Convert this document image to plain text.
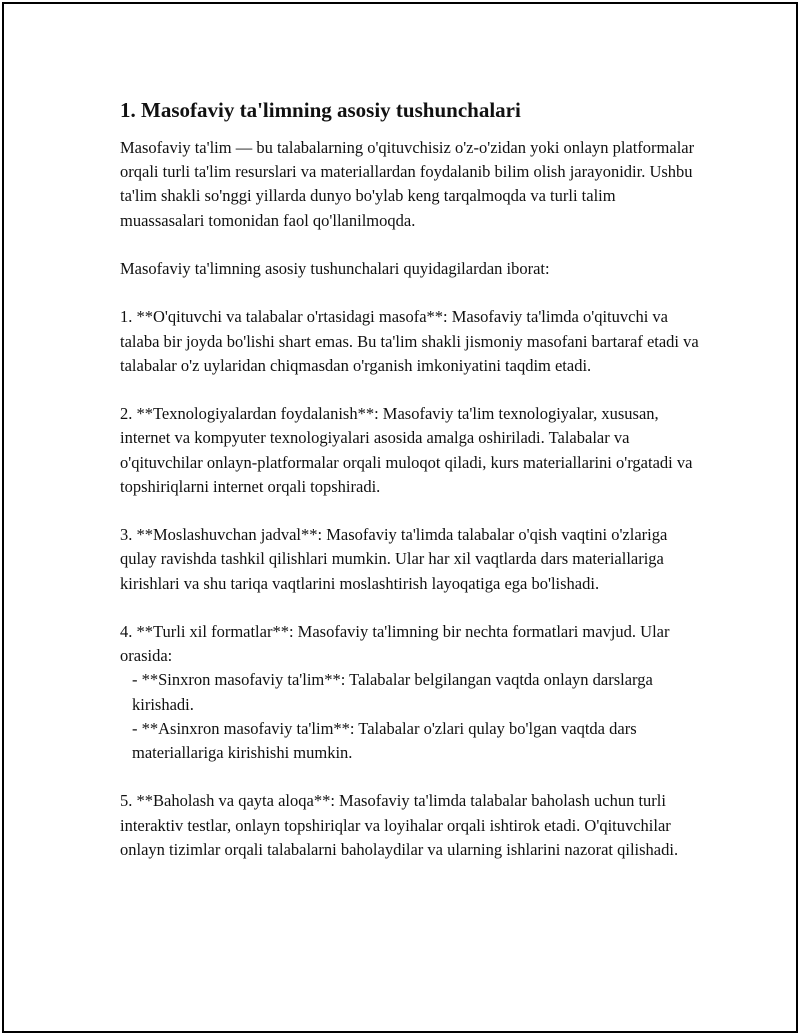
1. Masofaviy ta'limning asosiy tushunchalari

Masofaviy ta'lim — bu talabalarning o'qituvchisiz o'z-o'zidan yoki onlayn platformalar orqali turli ta'lim resurslari va materiallardan foydalanib bilim olish jarayonidir. Ushbu ta'lim shakli so'nggi yillarda dunyo bo'ylab keng tarqalmoqda va turli talim muassasalari tomonidan faol qo'llanilmoqda.

Masofaviy ta'limning asosiy tushunchalari quyidagilardan iborat:

1. **O'qituvchi va talabalar o'rtasidagi masofa**: Masofaviy ta'limda o'qituvchi va talaba bir joyda bo'lishi shart emas. Bu ta'lim shakli jismoniy masofani bartaraf etadi va talabalar o'z uylaridan chiqmasdan o'rganish imkoniyatini taqdim etadi.

2. **Texnologiyalardan foydalanish**: Masofaviy ta'lim texnologiyalar, xususan, internet va kompyuter texnologiyalari asosida amalga oshiriladi. Talabalar va o'qituvchilar onlayn-platformalar orqali muloqot qiladi, kurs materiallarini o'rgatadi va topshiriqlarni internet orqali topshiradi.

3. **Moslashuvchan jadval**: Masofaviy ta'limda talabalar o'qish vaqtini o'zlariga qulay ravishda tashkil qilishlari mumkin. Ular har xil vaqtlarda dars materiallariga kirishlari va shu tariqa vaqtlarini moslashtirish layoqatiga ega bo'lishadi.

4. **Turli xil formatlar**: Masofaviy ta'limning bir nechta formatlari mavjud. Ular orasida:
- **Sinxron masofaviy ta'lim**: Talabalar belgilangan vaqtda onlayn darslarga kirishadi.
- **Asinxron masofaviy ta'lim**: Talabalar o'zlari qulay bo'lgan vaqtda dars materiallariga kirishishi mumkin.

5. **Baholash va qayta aloqa**: Masofaviy ta'limda talabalar baholash uchun turli interaktiv testlar, onlayn topshiriqlar va loyihalar orqali ishtirok etadi. O'qituvchilar onlayn tizimlar orqali talabalarni baholaydilar va ularning ishlarini nazorat qilishadi.
